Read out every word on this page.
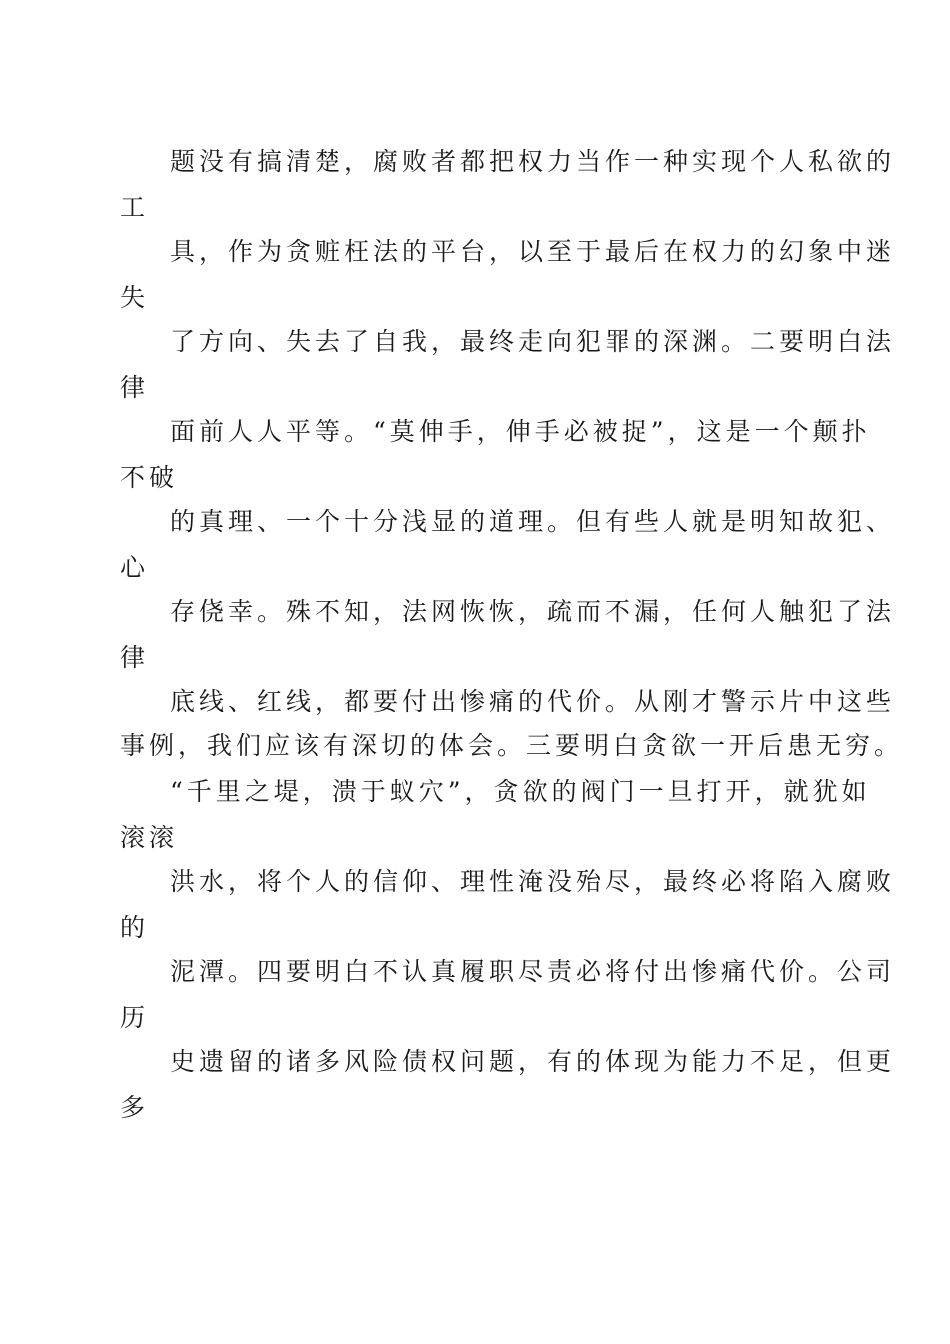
题没有搞清楚，腐败者都把权力当作一种实现个人私欲的
工
具，作为贪赃枉法的平台，以至于最后在权力的幻象中迷
失
了方向、失去了自我，最终走向犯罪的深渊。二要明白法
律
面前人人平等。“莫伸手，伸手必被捉”，这是一个颠扑
不破
的真理、一个十分浅显的道理。但有些人就是明知故犯、
心
存侥幸。殊不知，法网恢恢，疏而不漏，任何人触犯了法
律
底线、红线，都要付出惨痛的代价。从刚才警示片中这些
事例，我们应该有深切的体会。三要明白贪欲一开后患无穷。
“千里之堤，溃于蚁穴”，贪欲的阀门一旦打开，就犹如
滚滚
洪水，将个人的信仰、理性淹没殆尽，最终必将陷入腐败
的
泥潭。四要明白不认真履职尽责必将付出惨痛代价。公司
历
史遗留的诸多风险债权问题，有的体现为能力不足，但更
多
